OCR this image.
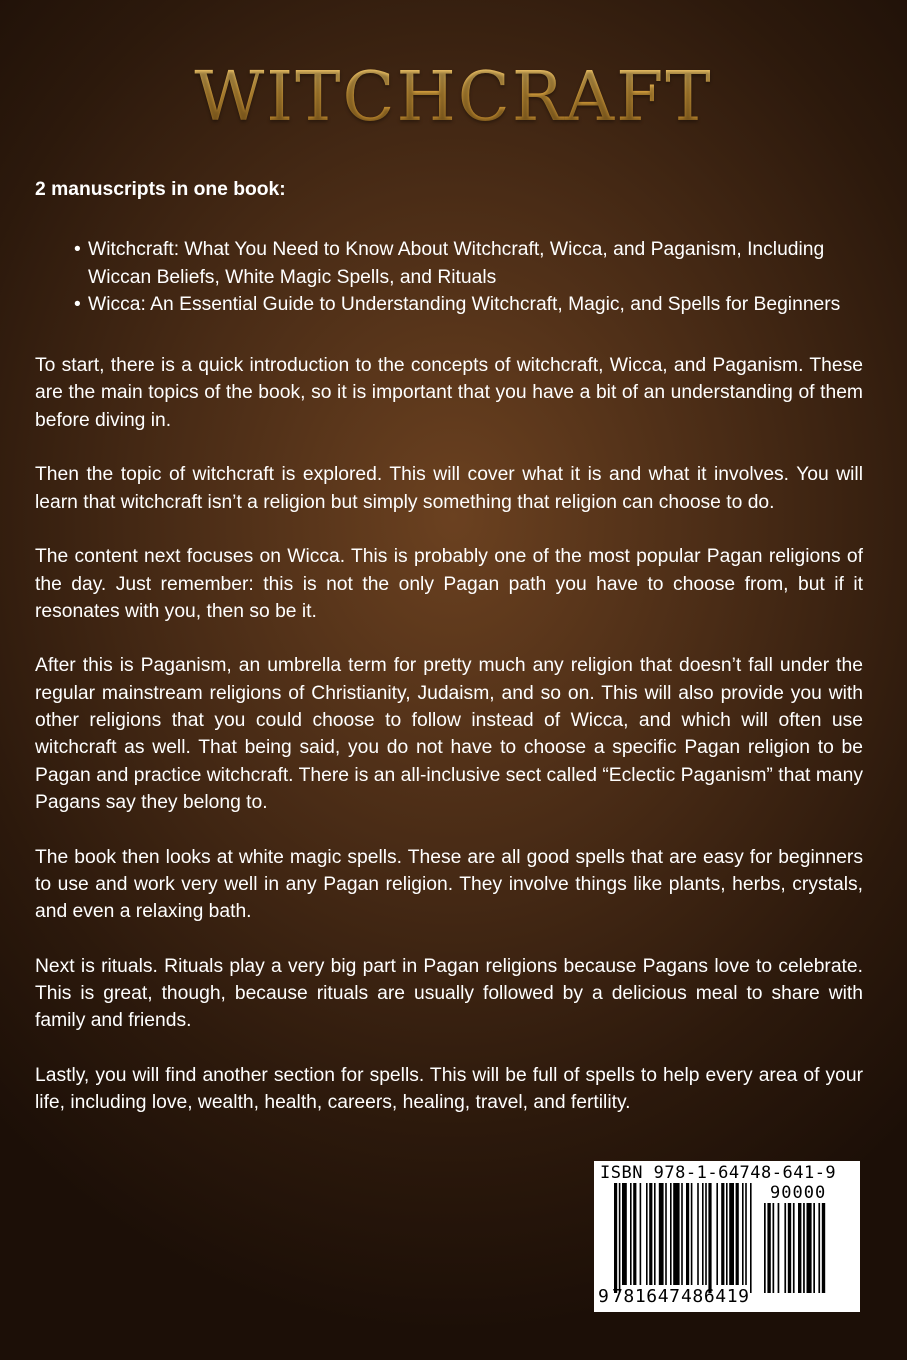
WITCHCRAFT

2 manuscripts in one book:

• Witchcraft: What You Need to Know About Witchcraft, Wicca, and Paganism, Including Wiccan Beliefs, White Magic Spells, and Rituals
• Wicca: An Essential Guide to Understanding Witchcraft, Magic, and Spells for Beginners

To start, there is a quick introduction to the concepts of witchcraft, Wicca, and Paganism. These are the main topics of the book, so it is important that you have a bit of an understanding of them before diving in.

Then the topic of witchcraft is explored. This will cover what it is and what it involves. You will learn that witchcraft isn’t a religion but simply something that religion can choose to do.

The content next focuses on Wicca. This is probably one of the most popular Pagan religions of the day. Just remember: this is not the only Pagan path you have to choose from, but if it resonates with you, then so be it.

After this is Paganism, an umbrella term for pretty much any religion that doesn’t fall under the regular mainstream religions of Christianity, Judaism, and so on. This will also provide you with other religions that you could choose to follow instead of Wicca, and which will often use witchcraft as well. That being said, you do not have to choose a specific Pagan religion to be Pagan and practice witchcraft. There is an all-inclusive sect called “Eclectic Paganism” that many Pagans say they belong to.

The book then looks at white magic spells. These are all good spells that are easy for beginners to use and work very well in any Pagan religion. They involve things like plants, herbs, crystals, and even a relaxing bath.

Next is rituals. Rituals play a very big part in Pagan religions because Pagans love to celebrate. This is great, though, because rituals are usually followed by a delicious meal to share with family and friends.

Lastly, you will find another section for spells. This will be full of spells to help every area of your life, including love, wealth, health, careers, healing, travel, and fertility.

ISBN 978-1-64748-641-9
90000
9 781647 486419
